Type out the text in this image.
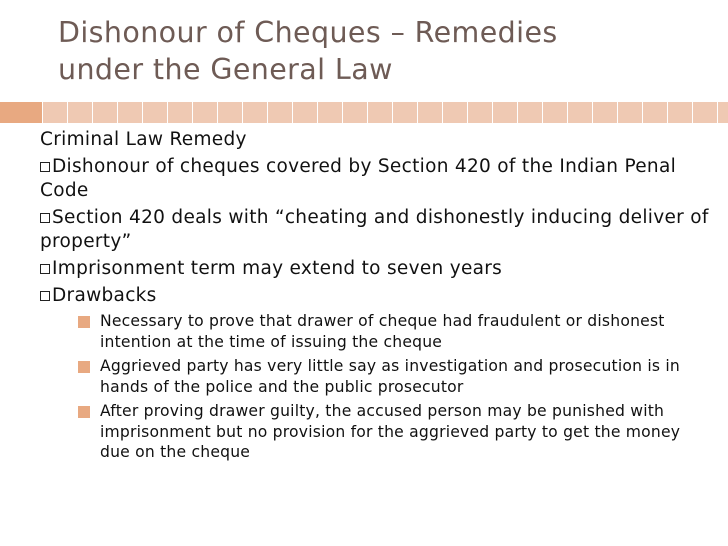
Dishonour of Cheques – Remedies
under the General Law

Criminal Law Remedy

Dishonour of cheques covered by Section 420 of the Indian Penal Code

Section 420 deals with “cheating and dishonestly inducing deliver of property”

Imprisonment term may extend to seven years

Drawbacks

Necessary to prove that drawer of cheque had fraudulent or dishonest intention at the time of issuing the cheque
Aggrieved party has very little say as investigation and prosecution is in hands of the police and the public prosecutor
After proving drawer guilty, the accused person may be punished with imprisonment but no provision for the aggrieved party to get the money due on the cheque
